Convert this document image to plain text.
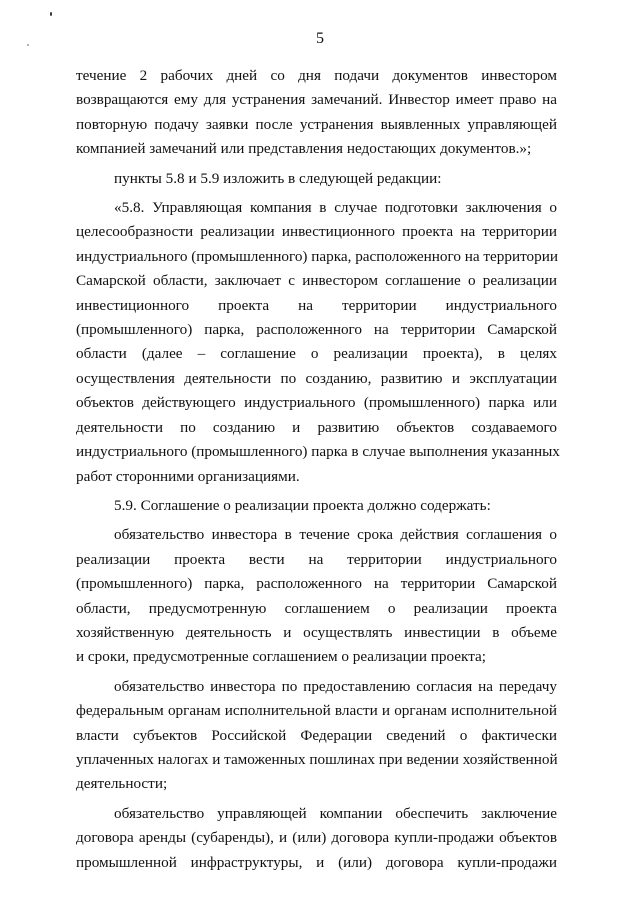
5
течение 2 рабочих дней со дня подачи документов инвестором
возвращаются ему для устранения замечаний. Инвестор имеет право на
повторную подачу заявки после устранения выявленных управляющей
компанией замечаний или представления недостающих документов.»;
пункты 5.8 и 5.9 изложить в следующей редакции:
«5.8. Управляющая компания в случае подготовки заключения о
целесообразности реализации инвестиционного проекта на территории
индустриального (промышленного) парка, расположенного на территории
Самарской области, заключает с инвестором соглашение о реализации
инвестиционного проекта на территории индустриального
(промышленного) парка, расположенного на территории Самарской
области (далее – соглашение о реализации проекта), в целях
осуществления деятельности по созданию, развитию и эксплуатации
объектов действующего индустриального (промышленного) парка или
деятельности по созданию и развитию объектов создаваемого
индустриального (промышленного) парка в случае выполнения указанных
работ сторонними организациями.
5.9. Соглашение о реализации проекта должно содержать:
обязательство инвестора в течение срока действия соглашения о
реализации проекта вести на территории индустриального
(промышленного) парка, расположенного на территории Самарской
области, предусмотренную соглашением о реализации проекта
хозяйственную деятельность и осуществлять инвестиции в объеме
и сроки, предусмотренные соглашением о реализации проекта;
обязательство инвестора по предоставлению согласия на передачу
федеральным органам исполнительной власти и органам исполнительной
власти субъектов Российской Федерации сведений о фактически
уплаченных налогах и таможенных пошлинах при ведении хозяйственной
деятельности;
обязательство управляющей компании обеспечить заключение
договора аренды (субаренды), и (или) договора купли-продажи объектов
промышленной инфраструктуры, и (или) договора купли-продажи
